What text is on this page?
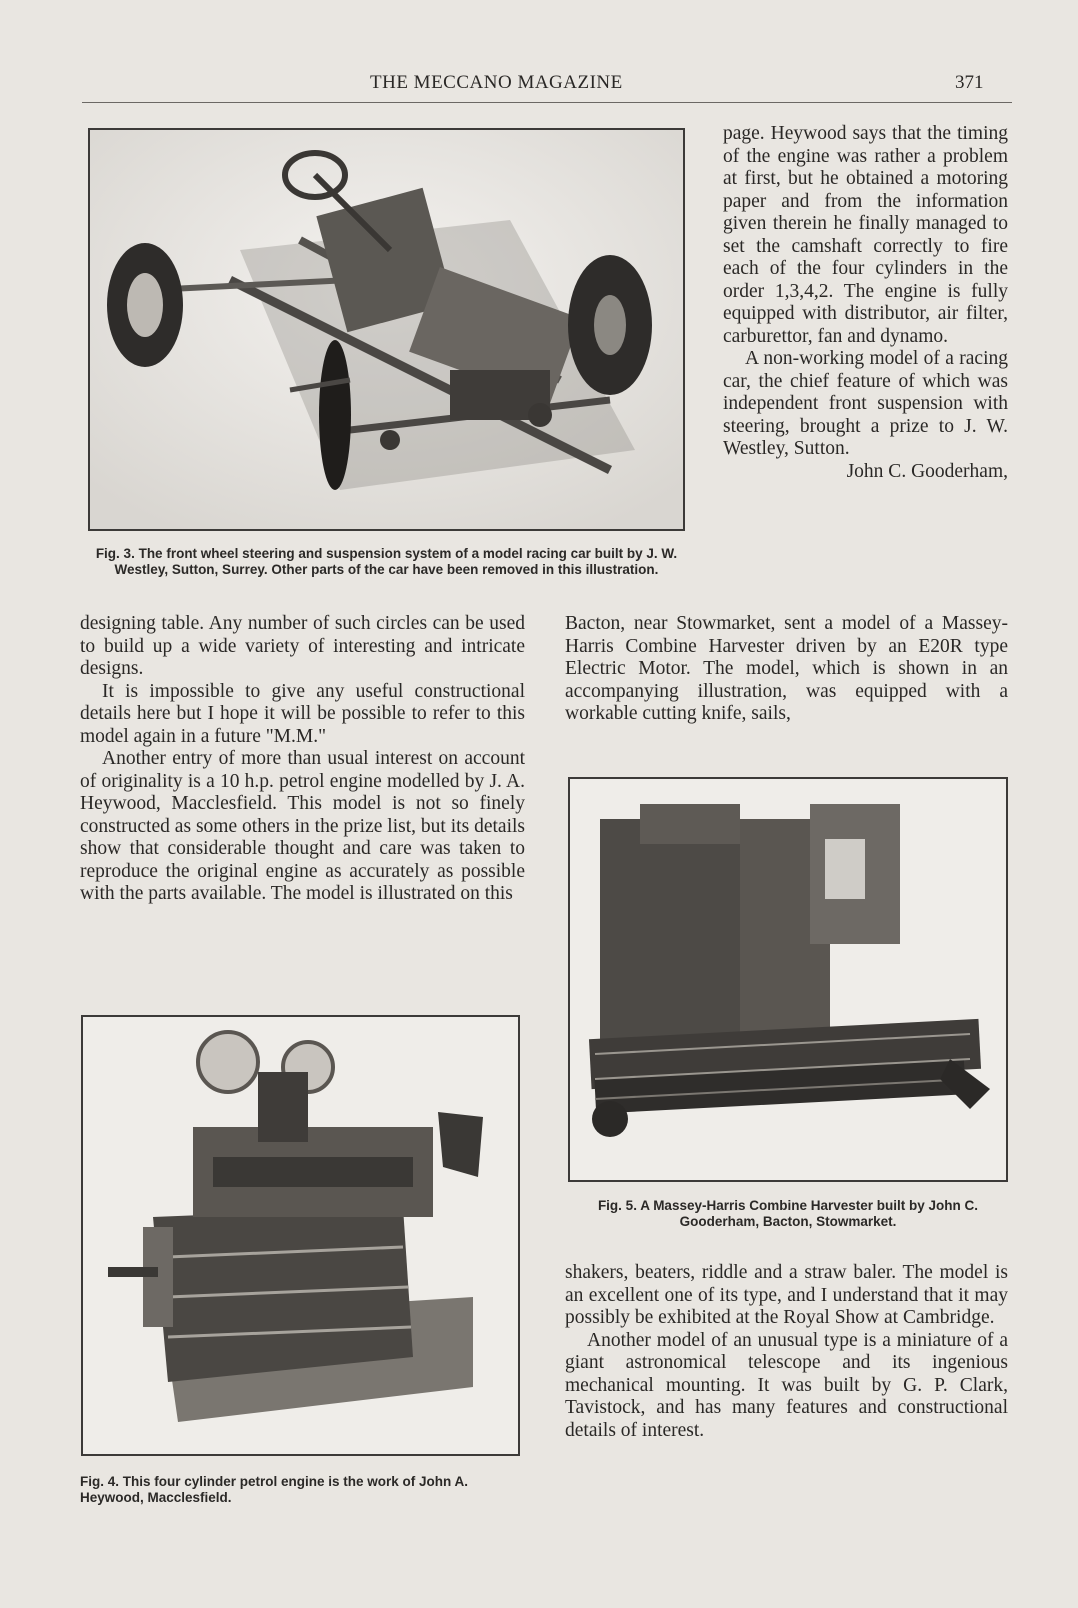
THE MECCANO MAGAZINE	371
Fig. 3. The front wheel steering and suspension system of a model racing car built by J. W. Westley, Sutton, Surrey. Other parts of the car have been removed in this illustration.

page. Heywood says that the timing of the engine was rather a problem at first, but he obtained a motoring paper and from the information given therein he finally managed to set the camshaft correctly to fire each of the four cylinders in the order 1,3,4,2. The engine is fully equipped with distributor, air filter, carburettor, fan and dynamo.

A non-working model of a racing car, the chief feature of which was independent front suspension with steering, brought a prize to J. W. Westley, Sutton.

John C. Gooderham,

Bacton, near Stowmarket, sent a model of a Massey-Harris Combine Harvester driven by an E20R type Electric Motor. The model, which is shown in an accompanying illustration, was equipped with a workable cutting knife, sails,

designing table. Any number of such circles can be used to build up a wide variety of interesting and intricate designs.

It is impossible to give any useful constructional details here but I hope it will be possible to refer to this model again in a future "M.M."

Another entry of more than usual interest on account of originality is a 10 h.p. petrol engine modelled by J. A. Heywood, Macclesfield. This model is not so finely constructed as some others in the prize list, but its details show that considerable thought and care was taken to reproduce the original engine as accurately as possible with the parts available. The model is illustrated on this

Fig. 5. A Massey-Harris Combine Harvester built by John C. Gooderham, Bacton, Stowmarket.
Fig. 4. This four cylinder petrol engine is the work of John A. Heywood, Macclesfield.

shakers, beaters, riddle and a straw baler. The model is an excellent one of its type, and I understand that it may possibly be exhibited at the Royal Show at Cambridge.

Another model of an unusual type is a miniature of a giant astronomical telescope and its ingenious mechanical mounting. It was built by G. P. Clark, Tavistock, and has many features and constructional details of interest.
